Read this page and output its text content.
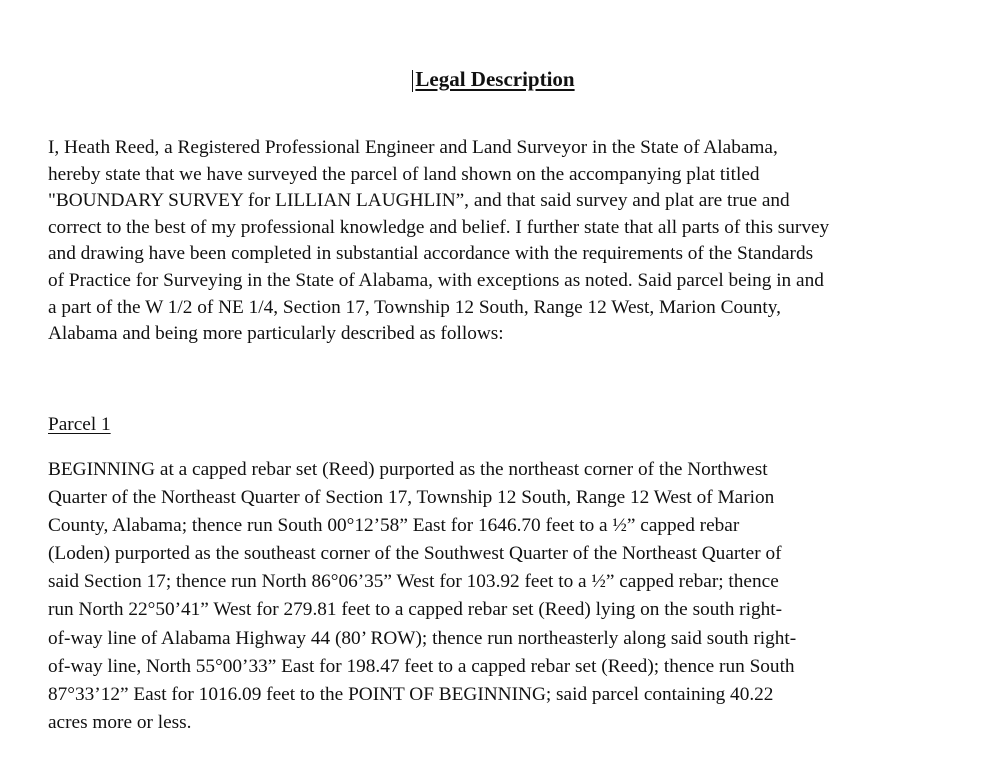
Legal Description

I, Heath Reed, a Registered Professional Engineer and Land Surveyor in the State of Alabama,
hereby state that we have surveyed the parcel of land shown on the accompanying plat titled
"BOUNDARY SURVEY for LILLIAN LAUGHLIN”, and that said survey and plat are true and
correct to the best of my professional knowledge and belief. I further state that all parts of this survey
and drawing have been completed in substantial accordance with the requirements of the Standards
of Practice for Surveying in the State of Alabama, with exceptions as noted. Said parcel being in and
a part of the W 1/2 of NE 1/4, Section 17, Township 12 South, Range 12 West, Marion County,
Alabama and being more particularly described as follows:

Parcel 1

BEGINNING at a capped rebar set (Reed) purported as the northeast corner of the Northwest
Quarter of the Northeast Quarter of Section 17, Township 12 South, Range 12 West of Marion
County, Alabama; thence run South 00°12’58” East for 1646.70 feet to a ½” capped rebar
(Loden) purported as the southeast corner of the Southwest Quarter of the Northeast Quarter of
said Section 17; thence run North 86°06’35” West for 103.92 feet to a ½” capped rebar; thence
run North 22°50’41” West for 279.81 feet to a capped rebar set (Reed) lying on the south right-
of-way line of Alabama Highway 44 (80’ ROW); thence run northeasterly along said south right-
of-way line, North 55°00’33” East for 198.47 feet to a capped rebar set (Reed); thence run South
87°33’12” East for 1016.09 feet to the POINT OF BEGINNING; said parcel containing 40.22
acres more or less.
